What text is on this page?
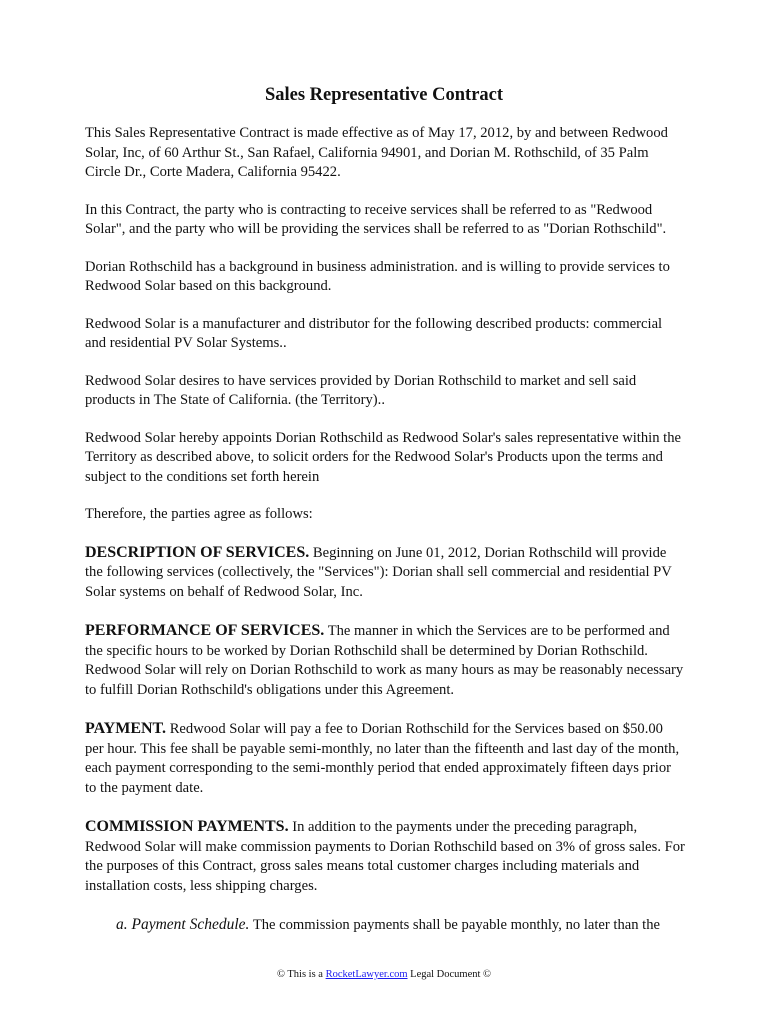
Sales Representative Contract

This Sales Representative Contract is made effective as of May 17, 2012, by and between Redwood Solar, Inc, of 60 Arthur St., San Rafael, California 94901, and Dorian M. Rothschild, of 35 Palm Circle Dr., Corte Madera, California 95422.

In this Contract, the party who is contracting to receive services shall be referred to as "Redwood Solar", and the party who will be providing the services shall be referred to as "Dorian Rothschild".

Dorian Rothschild has a background in business administration. and is willing to provide services to Redwood Solar based on this background.

Redwood Solar is a manufacturer and distributor for the following described products: commercial and residential PV Solar Systems..

Redwood Solar desires to have services provided by Dorian Rothschild to market and sell said products in The State of California. (the Territory)..

Redwood Solar hereby appoints Dorian Rothschild as Redwood Solar's sales representative within the Territory as described above, to solicit orders for the Redwood Solar's Products upon the terms and subject to the conditions set forth herein

Therefore, the parties agree as follows:

DESCRIPTION OF SERVICES. Beginning on June 01, 2012, Dorian Rothschild will provide the following services (collectively, the "Services"): Dorian shall sell commercial and residential PV Solar systems on behalf of Redwood Solar, Inc.

PERFORMANCE OF SERVICES. The manner in which the Services are to be performed and the specific hours to be worked by Dorian Rothschild shall be determined by Dorian Rothschild. Redwood Solar will rely on Dorian Rothschild to work as many hours as may be reasonably necessary to fulfill Dorian Rothschild's obligations under this Agreement.

PAYMENT. Redwood Solar will pay a fee to Dorian Rothschild for the Services based on $50.00 per hour. This fee shall be payable semi-monthly, no later than the fifteenth and last day of the month, each payment corresponding to the semi-monthly period that ended approximately fifteen days prior to the payment date.

COMMISSION PAYMENTS. In addition to the payments under the preceding paragraph, Redwood Solar will make commission payments to Dorian Rothschild based on 3% of gross sales. For the purposes of this Contract, gross sales means total customer charges including materials and installation costs, less shipping charges.

a. Payment Schedule. The commission payments shall be payable monthly, no later than the

© This is a RocketLawyer.com Legal Document ©
